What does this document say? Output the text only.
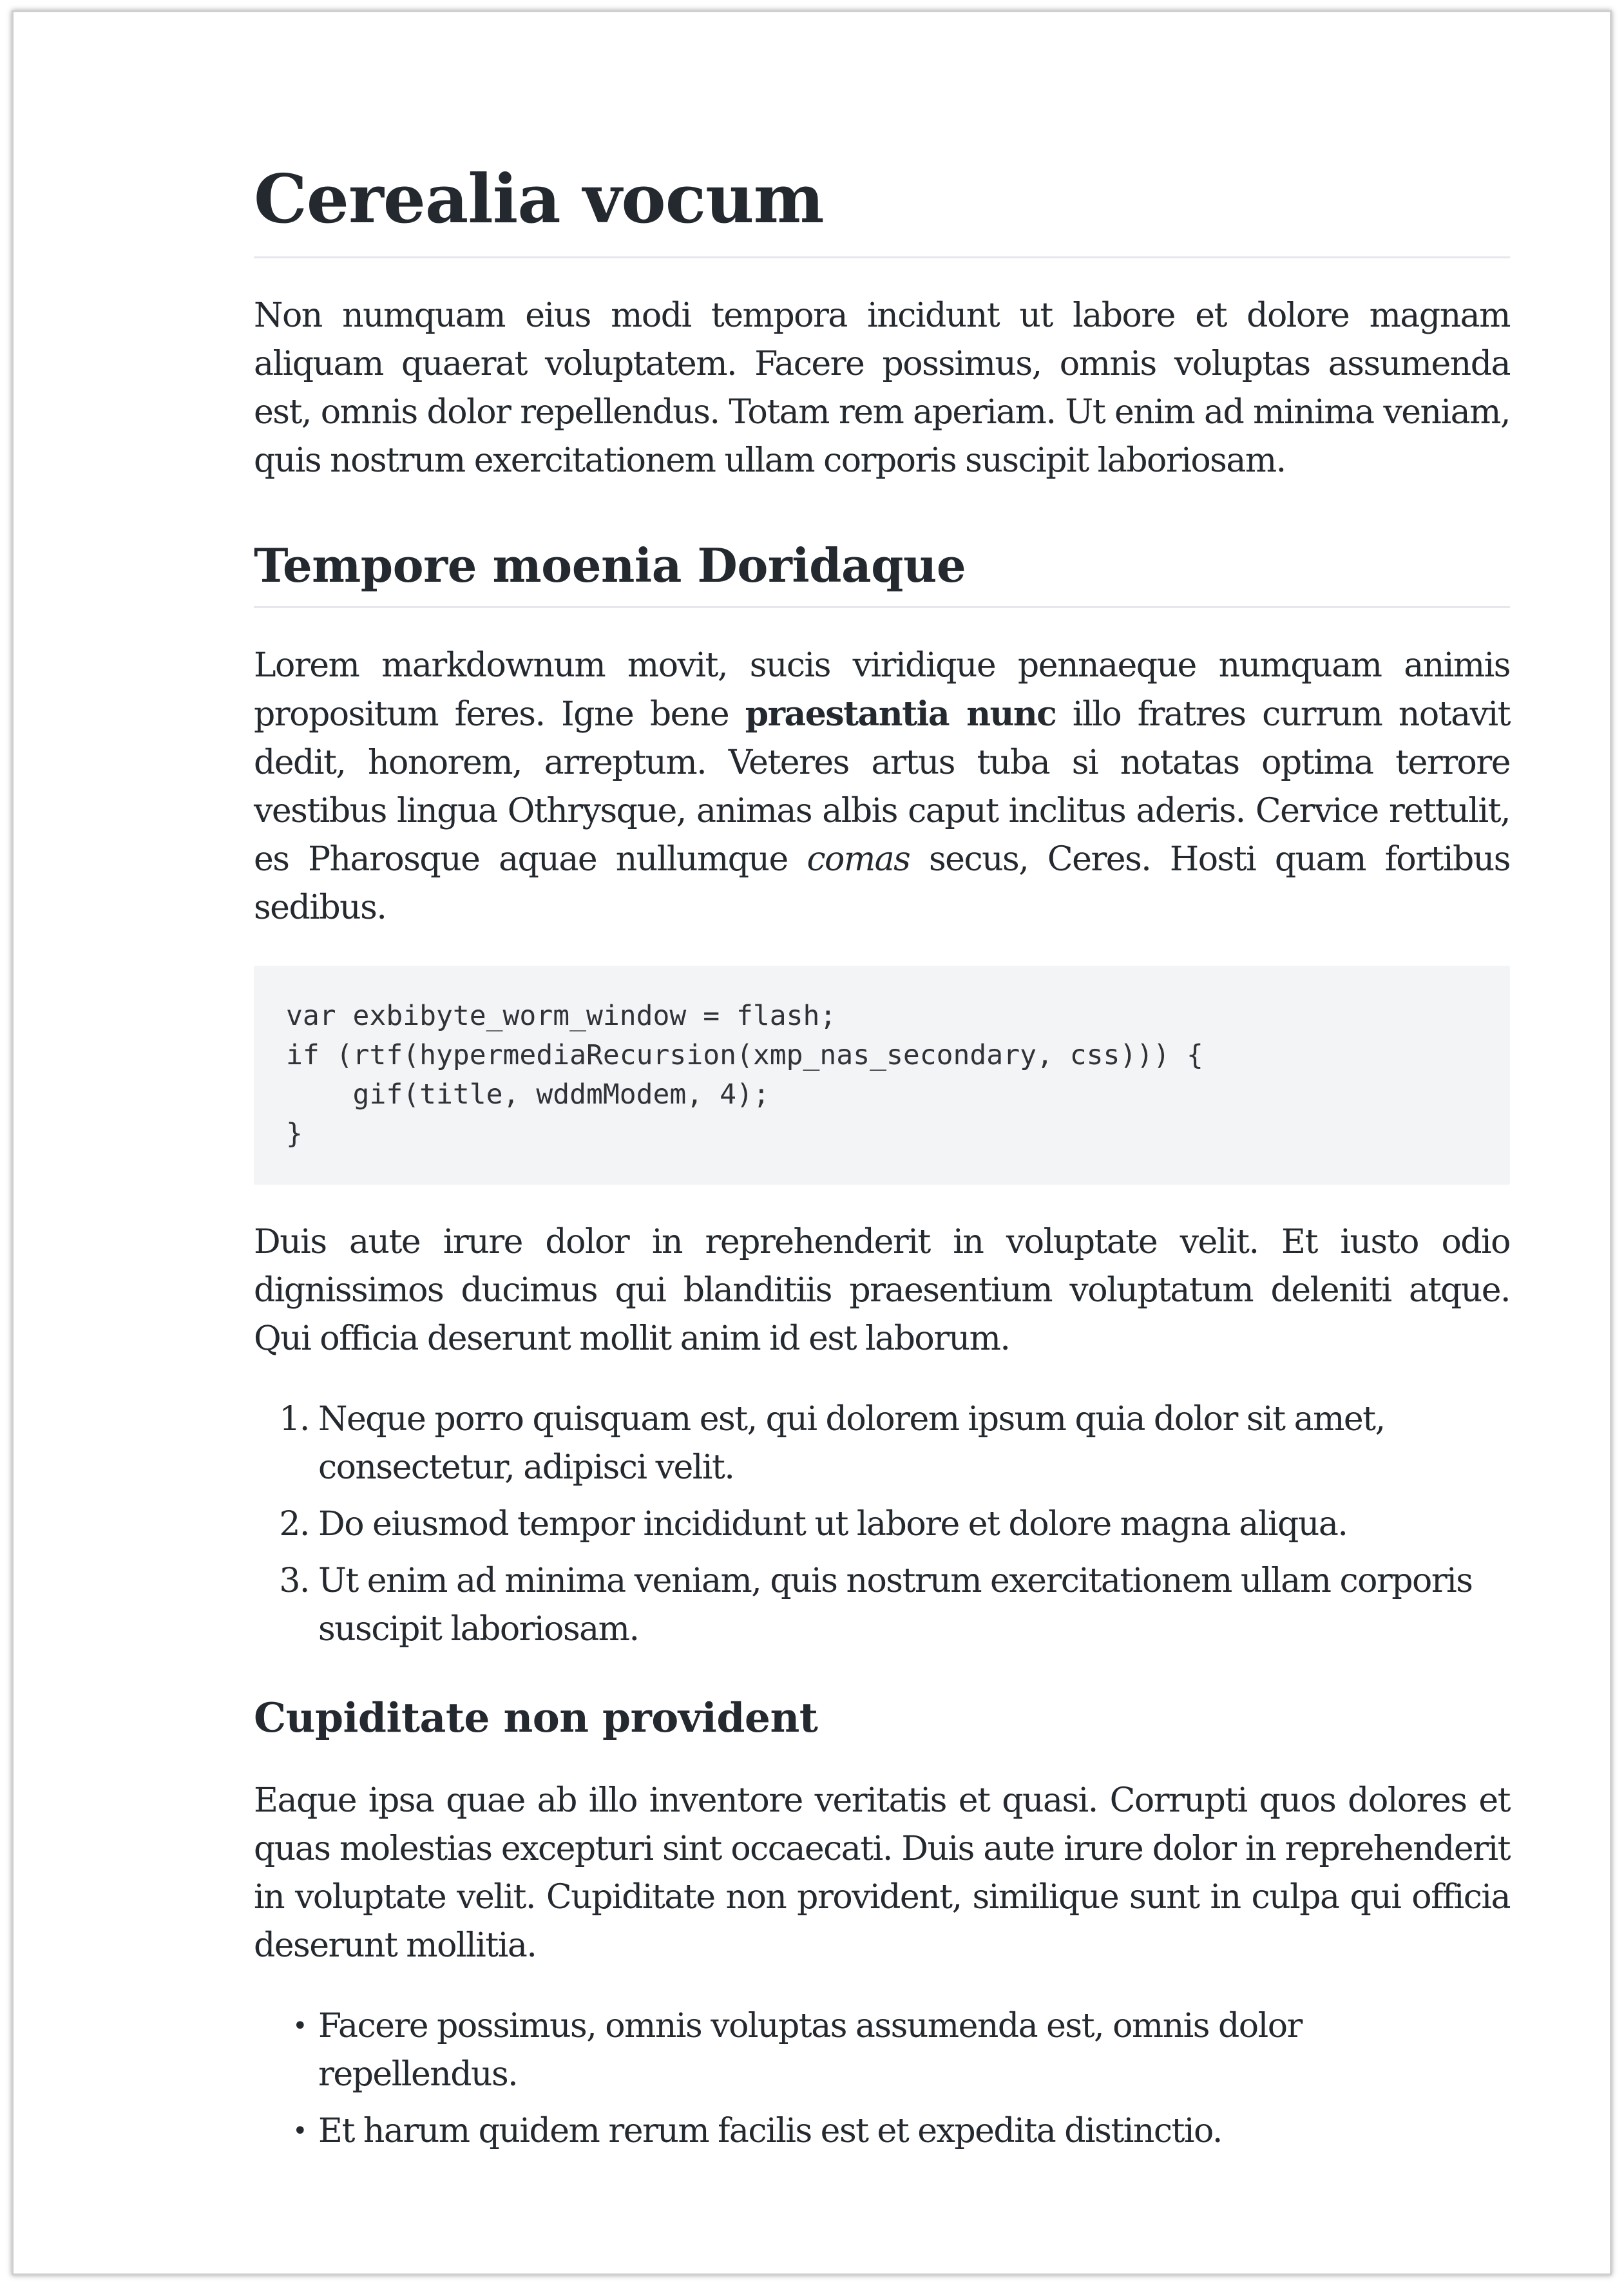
Cerealia vocum

Non numquam eius modi tempora incidunt ut labore et dolore magnam aliquam quaerat voluptatem. Facere possimus, omnis voluptas assumenda est, omnis dolor repellendus. Totam rem aperiam. Ut enim ad minima veniam, quis nostrum exercitationem ullam corporis suscipit laboriosam.

Tempore moenia Doridaque

Lorem markdownum movit, sucis viridique pennaeque numquam animis propositum feres. Igne bene praestantia nunc illo fratres currum notavit dedit, honorem, arreptum. Veteres artus tuba si notatas optima terrore vestibus lingua Othrysque, animas albis caput inclitus aderis. Cervice rettulit, es Pharosque aquae nullumque comas secus, Ceres. Hosti quam fortibus sedibus.

var exbibyte_worm_window = flash;
if (rtf(hypermediaRecursion(xmp_nas_secondary, css))) {
gif(title, wddmModem, 4);
}

Duis aute irure dolor in reprehenderit in voluptate velit. Et iusto odio dignissimos ducimus qui blanditiis praesentium voluptatum deleniti atque. Qui officia deserunt mollit anim id est laborum.

1. Neque porro quisquam est, qui dolorem ipsum quia dolor sit amet, consectetur, adipisci velit.
2. Do eiusmod tempor incididunt ut labore et dolore magna aliqua.
3. Ut enim ad minima veniam, quis nostrum exercitationem ullam corporis suscipit laboriosam.
Cupiditate non provident

Eaque ipsa quae ab illo inventore veritatis et quasi. Corrupti quos dolores et quas molestias excepturi sint occaecati. Duis aute irure dolor in reprehenderit in voluptate velit. Cupiditate non provident, similique sunt in culpa qui officia deserunt mollitia.

• Facere possimus, omnis voluptas assumenda est, omnis dolor repellendus.
• Et harum quidem rerum facilis est et expedita distinctio.
